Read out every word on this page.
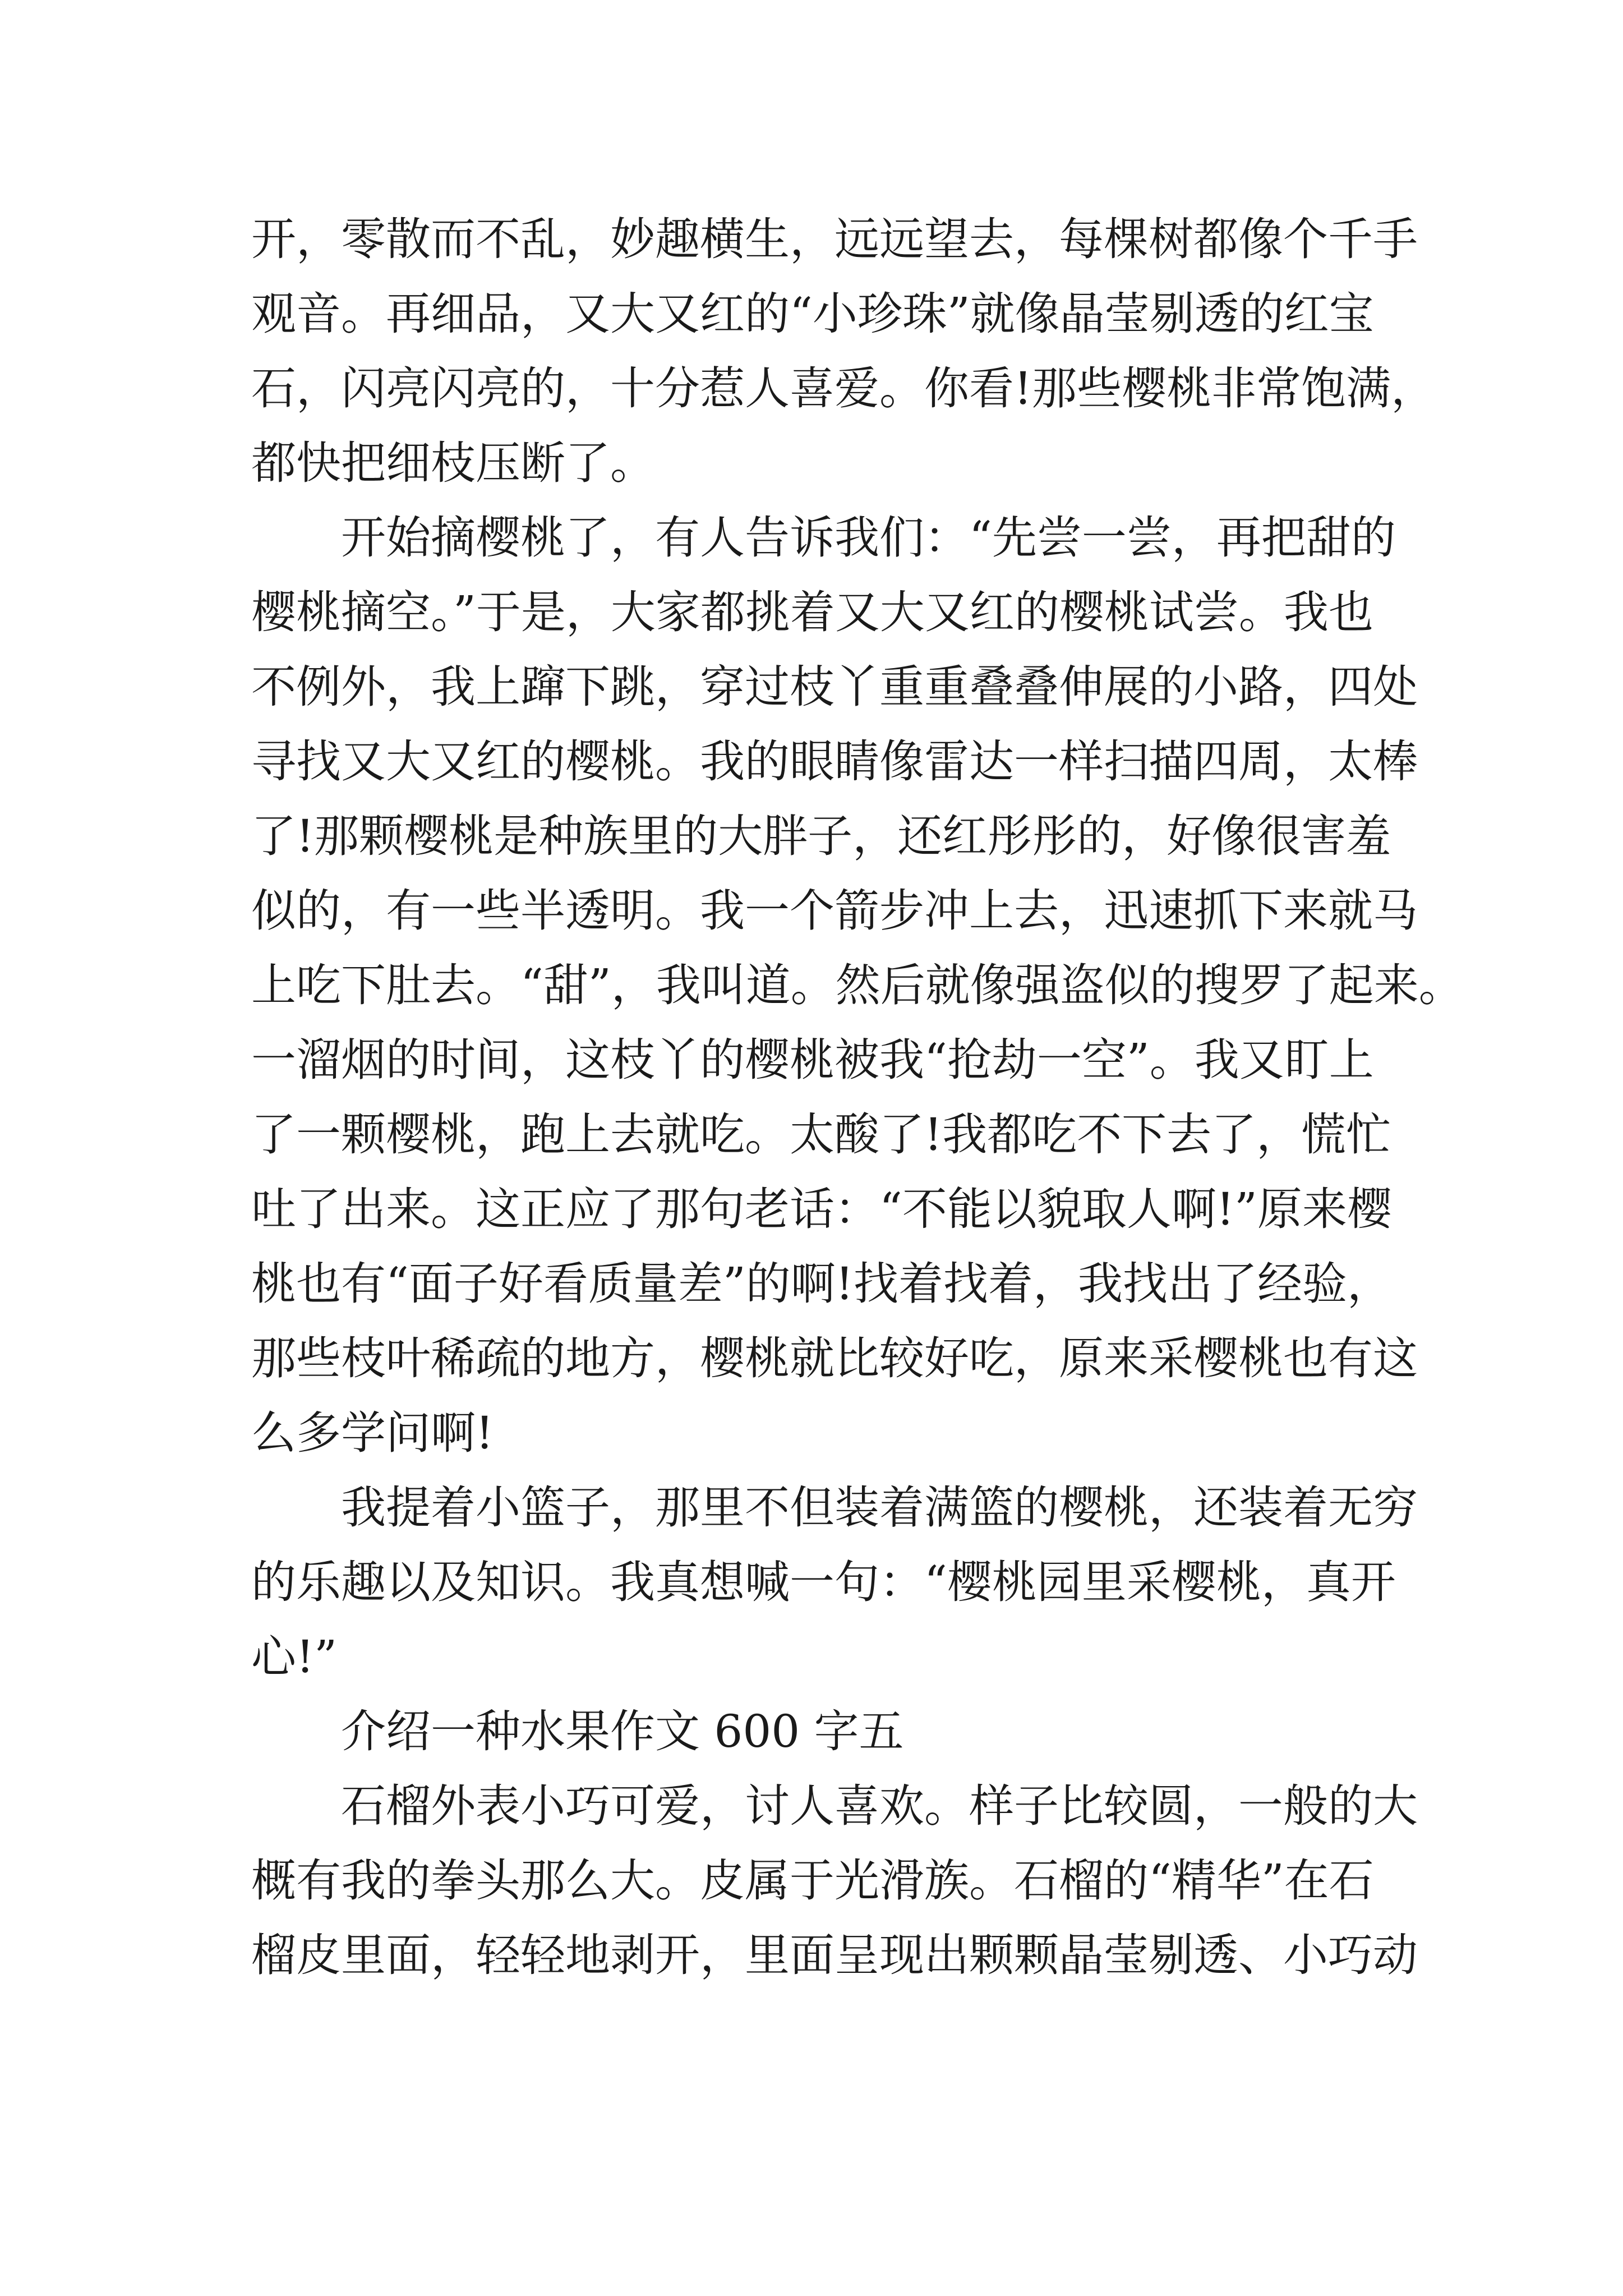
开，零散而不乱，妙趣横生，远远望去，每棵树都像个千手
观音。再细品，又大又红的“小珍珠”就像晶莹剔透的红宝
石，闪亮闪亮的，十分惹人喜爱。你看!那些樱桃非常饱满，
都快把细枝压断了。
开始摘樱桃了，有人告诉我们：“先尝一尝，再把甜的
樱桃摘空。”于是，大家都挑着又大又红的樱桃试尝。我也
不例外，我上蹿下跳，穿过枝丫重重叠叠伸展的小路，四处
寻找又大又红的樱桃。我的眼睛像雷达一样扫描四周，太棒
了!那颗樱桃是种族里的大胖子，还红彤彤的，好像很害羞
似的，有一些半透明。我一个箭步冲上去，迅速抓下来就马
上吃下肚去。“甜”，我叫道。然后就像强盗似的搜罗了起来。
一溜烟的时间，这枝丫的樱桃被我“抢劫一空”。我又盯上
了一颗樱桃，跑上去就吃。太酸了!我都吃不下去了，慌忙
吐了出来。这正应了那句老话：“不能以貌取人啊!”原来樱
桃也有“面子好看质量差”的啊!找着找着，我找出了经验，
那些枝叶稀疏的地方，樱桃就比较好吃，原来采樱桃也有这
么多学问啊!
我提着小篮子，那里不但装着满篮的樱桃，还装着无穷
的乐趣以及知识。我真想喊一句：“樱桃园里采樱桃，真开
心!”
介绍一种水果作文 600 字五
石榴外表小巧可爱，讨人喜欢。样子比较圆，一般的大
概有我的拳头那么大。皮属于光滑族。石榴的“精华”在石
榴皮里面，轻轻地剥开，里面呈现出颗颗晶莹剔透、小巧动
